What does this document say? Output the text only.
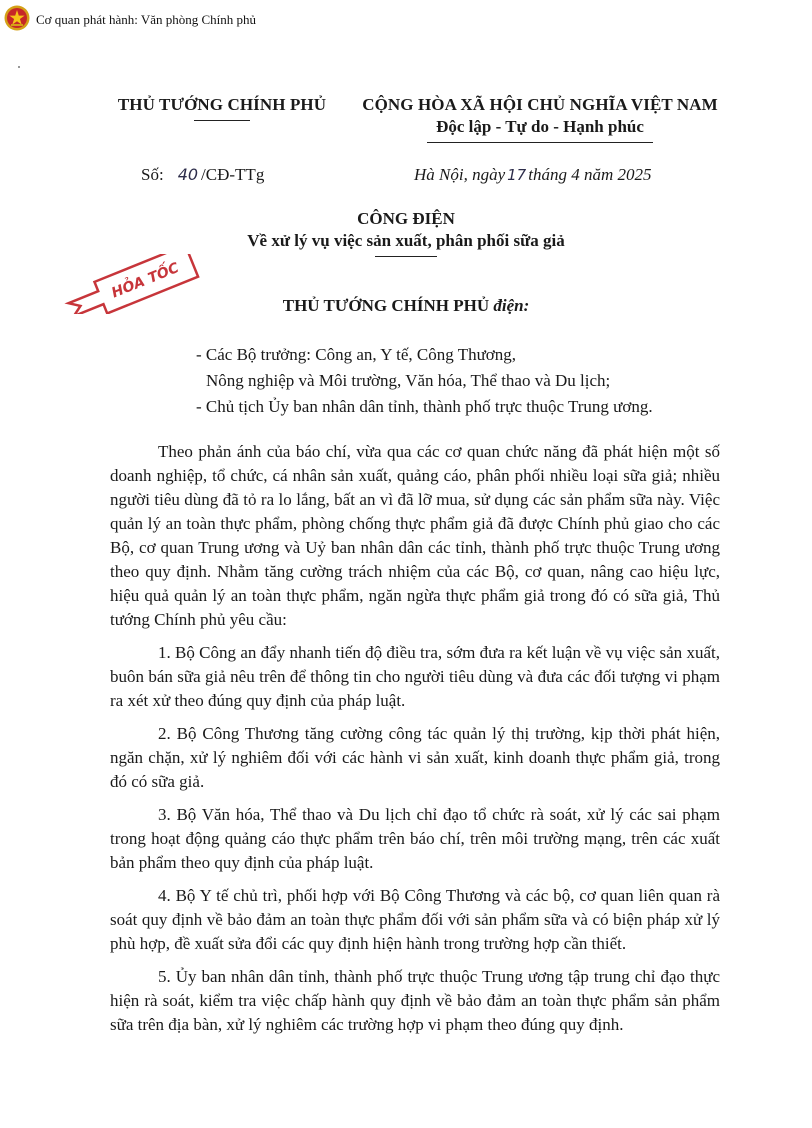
Cơ quan phát hành: Văn phòng Chính phủ

THỦ TƯỚNG CHÍNH PHỦ	CỘNG HÒA XÃ HỘI CHỦ NGHĨA VIỆT NAM

Độc lập - Tự do - Hạnh phúc

Số: 40 /CĐ-TTg	Hà Nội, ngày 17 tháng 4 năm 2025

CÔNG ĐIỆN

Về xử lý vụ việc sản xuất, phân phối sữa giả

HỎA TỐC
THỦ TƯỚNG CHÍNH PHỦ điện:
- Các Bộ trưởng: Công an, Y tế, Công Thương,
Nông nghiệp và Môi trường, Văn hóa, Thể thao và Du lịch;
- Chủ tịch Ủy ban nhân dân tỉnh, thành phố trực thuộc Trung ương.

Theo phản ánh của báo chí, vừa qua các cơ quan chức năng đã phát hiện một số doanh nghiệp, tổ chức, cá nhân sản xuất, quảng cáo, phân phối nhiều loại sữa giả; nhiều người tiêu dùng đã tỏ ra lo lắng, bất an vì đã lỡ mua, sử dụng các sản phẩm sữa này. Việc quản lý an toàn thực phẩm, phòng chống thực phẩm giả đã được Chính phủ giao cho các Bộ, cơ quan Trung ương và Uỷ ban nhân dân các tỉnh, thành phố trực thuộc Trung ương theo quy định. Nhằm tăng cường trách nhiệm của các Bộ, cơ quan, nâng cao hiệu lực, hiệu quả quản lý an toàn thực phẩm, ngăn ngừa thực phẩm giả trong đó có sữa giả, Thủ tướng Chính phủ yêu cầu:

1. Bộ Công an đẩy nhanh tiến độ điều tra, sớm đưa ra kết luận về vụ việc sản xuất, buôn bán sữa giả nêu trên để thông tin cho người tiêu dùng và đưa các đối tượng vi phạm ra xét xử theo đúng quy định của pháp luật.

2. Bộ Công Thương tăng cường công tác quản lý thị trường, kịp thời phát hiện, ngăn chặn, xử lý nghiêm đối với các hành vi sản xuất, kinh doanh thực phẩm giả, trong đó có sữa giả.

3. Bộ Văn hóa, Thể thao và Du lịch chỉ đạo tổ chức rà soát, xử lý các sai phạm trong hoạt động quảng cáo thực phẩm trên báo chí, trên môi trường mạng, trên các xuất bản phẩm theo quy định của pháp luật.

4. Bộ Y tế chủ trì, phối hợp với Bộ Công Thương và các bộ, cơ quan liên quan rà soát quy định về bảo đảm an toàn thực phẩm đối với sản phẩm sữa và có biện pháp xử lý phù hợp, đề xuất sửa đổi các quy định hiện hành trong trường hợp cần thiết.

5. Ủy ban nhân dân tỉnh, thành phố trực thuộc Trung ương tập trung chỉ đạo thực hiện rà soát, kiểm tra việc chấp hành quy định về bảo đảm an toàn thực phẩm sản phẩm sữa trên địa bàn, xử lý nghiêm các trường hợp vi phạm theo đúng quy định.
